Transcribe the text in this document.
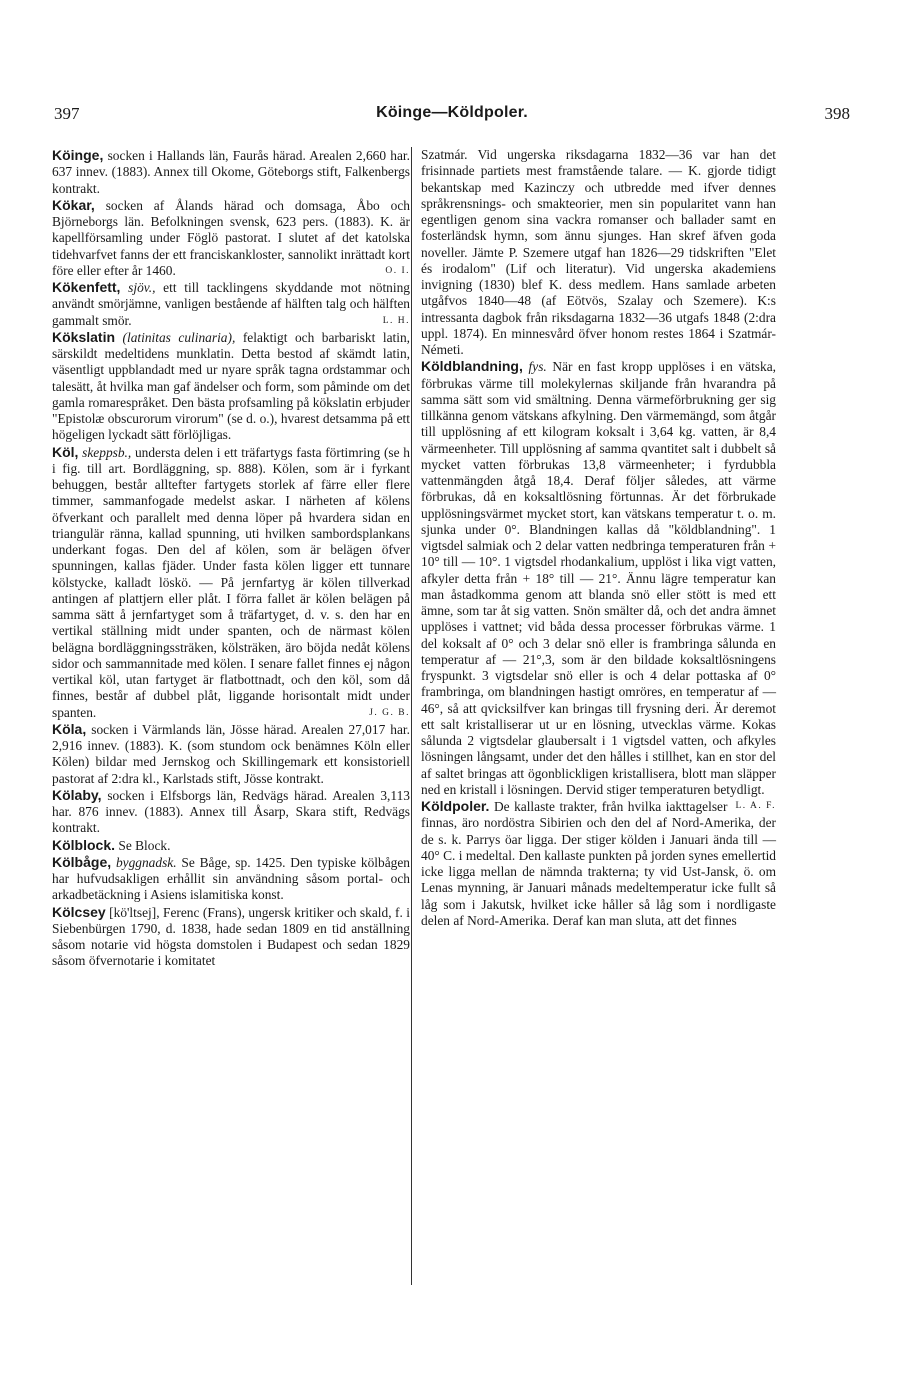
397	Köinge—Köldpoler.	398

Köinge, socken i Hallands län, Faurås härad. Arealen 2,660 har. 637 innev. (1883). Annex till Okome, Göteborgs stift, Falkenbergs kontrakt.

Kökar, socken af Ålands härad och domsaga, Åbo och Björneborgs län. Befolkningen svensk, 623 pers. (1883). K. är kapellförsamling under Föglö pastorat. I slutet af det katolska tidehvarfvet fanns der ett franciskankloster, sannolikt inrättadt kort före eller efter år 1460.	O. I.

Kökenfett, sjöv., ett till tacklingens skyddande mot nötning användt smörjämne, vanligen bestående af hälften talg och hälften gammalt smör.	L. H.

Kökslatin (latinitas culinaria), felaktigt och barbariskt latin, särskildt medeltidens munklatin. Detta bestod af skämdt latin, väsentligt uppblandadt med ur nyare språk tagna ordstammar och talesätt, åt hvilka man gaf ändelser och form, som påminde om det gamla romarespråket. Den bästa profsamling på kökslatin erbjuder "Epistolæ obscurorum virorum" (se d. o.), hvarest detsamma på ett högeligen lyckadt sätt förlöjligas.

Köl, skeppsb., understa delen i ett träfartygs fasta förtimring (se h i fig. till art. Bordläggning, sp. 888). Kölen, som är i fyrkant behuggen, består alltefter fartygets storlek af färre eller flere timmer, sammanfogade medelst askar. I närheten af kölens öfverkant och parallelt med denna löper på hvardera sidan en triangulär ränna, kallad spunning, uti hvilken sambordsplankans underkant fogas. Den del af kölen, som är belägen öfver spunningen, kallas fjäder. Under fasta kölen ligger ett tunnare kölstycke, kalladt löskö. — På jernfartyg är kölen tillverkad antingen af plattjern eller plåt. I förra fallet är kölen belägen på samma sätt å jernfartyget som å träfartyget, d. v. s. den har en vertikal ställning midt under spanten, och de närmast kölen belägna bordläggningssträken, kölsträken, äro böjda nedåt kölens sidor och sammannitade med kölen. I senare fallet finnes ej någon vertikal köl, utan fartyget är flatbottnadt, och den köl, som då finnes, består af dubbel plåt, liggande horisontalt midt under spanten.	J. G. B.

Köla, socken i Värmlands län, Jösse härad. Arealen 27,017 har. 2,916 innev. (1883). K. (som stundom ock benämnes Köln eller Kölen) bildar med Jernskog och Skillingemark ett konsistoriell pastorat af 2:dra kl., Karlstads stift, Jösse kontrakt.

Kölaby, socken i Elfsborgs län, Redvägs härad. Arealen 3,113 har. 876 innev. (1883). Annex till Åsarp, Skara stift, Redvägs kontrakt.

Kölblock. Se Block.

Kölbåge, byggnadsk. Se Båge, sp. 1425. Den typiske kölbågen har hufvudsakligen erhållit sin användning såsom portal- och arkadbetäckning i Asiens islamitiska konst.

Kölcsey [kö'ltsej], Ferenc (Frans), ungersk kritiker och skald, f. i Siebenbürgen 1790, d. 1838, hade sedan 1809 en tid anställning såsom notarie vid högsta domstolen i Budapest och sedan 1829 såsom öfvernotarie i komitatet

Szatmár. Vid ungerska riksdagarna 1832—36 var han det frisinnade partiets mest framstående talare. — K. gjorde tidigt bekantskap med Kazinczy och utbredde med ifver dennes språkrensnings- och smakteorier, men sin popularitet vann han egentligen genom sina vackra romanser och ballader samt en fosterländsk hymn, som ännu sjunges. Han skref äfven goda noveller. Jämte P. Szemere utgaf han 1826—29 tidskriften "Elet és irodalom" (Lif och literatur). Vid ungerska akademiens invigning (1830) blef K. dess medlem. Hans samlade arbeten utgåfvos 1840—48 (af Eötvös, Szalay och Szemere). K:s intressanta dagbok från riksdagarna 1832—36 utgafs 1848 (2:dra uppl. 1874). En minnesvård öfver honom restes 1864 i Szatmár-Németi.

Köldblandning, fys. När en fast kropp upplöses i en vätska, förbrukas värme till molekylernas skiljande från hvarandra på samma sätt som vid smältning. Denna värmeförbrukning ger sig tillkänna genom vätskans afkylning. Den värmemängd, som åtgår till upplösning af ett kilogram koksalt i 3,64 kg. vatten, är 8,4 värmeenheter. Till upplösning af samma qvantitet salt i dubbelt så mycket vatten förbrukas 13,8 värmeenheter; i fyrdubbla vattenmängden åtgå 18,4. Deraf följer således, att värme förbrukas, då en koksaltlösning förtunnas. Är det förbrukade upplösningsvärmet mycket stort, kan vätskans temperatur t. o. m. sjunka under 0°. Blandningen kallas då "köldblandning". 1 vigtsdel salmiak och 2 delar vatten nedbringa temperaturen från + 10° till — 10°. 1 vigtsdel rhodankalium, upplöst i lika vigt vatten, afkyler detta från + 18° till — 21°. Ännu lägre temperatur kan man åstadkomma genom att blanda snö eller stött is med ett ämne, som tar åt sig vatten. Snön smälter då, och det andra ämnet upplöses i vattnet; vid båda dessa processer förbrukas värme. 1 del koksalt af 0° och 3 delar snö eller is frambringa sålunda en temperatur af — 21°,3, som är den bildade koksaltlösningens fryspunkt. 3 vigtsdelar snö eller is och 4 delar pottaska af 0° frambringa, om blandningen hastigt omröres, en temperatur af — 46°, så att qvicksilfver kan bringas till frysning deri. Är deremot ett salt kristalliserar ut ur en lösning, utvecklas värme. Kokas sålunda 2 vigtsdelar glaubersalt i 1 vigtsdel vatten, och afkyles lösningen långsamt, under det den hålles i stillhet, kan en stor del af saltet bringas att ögonblickligen kristallisera, blott man släpper ned en kristall i lösningen. Dervid stiger temperaturen betydligt.
L. A. F.

Köldpoler. De kallaste trakter, från hvilka iakttagelser finnas, äro nordöstra Sibirien och den del af Nord-Amerika, der de s. k. Parrys öar ligga. Der stiger kölden i Januari ända till — 40° C. i medeltal. Den kallaste punkten på jorden synes emellertid icke ligga mellan de nämnda trakterna; ty vid Ust-Jansk, ö. om Lenas mynning, är Januari månads medeltemperatur icke fullt så låg som i Jakutsk, hvilket icke håller så låg som i nordligaste delen af Nord-Amerika. Deraf kan man sluta, att det finnes
